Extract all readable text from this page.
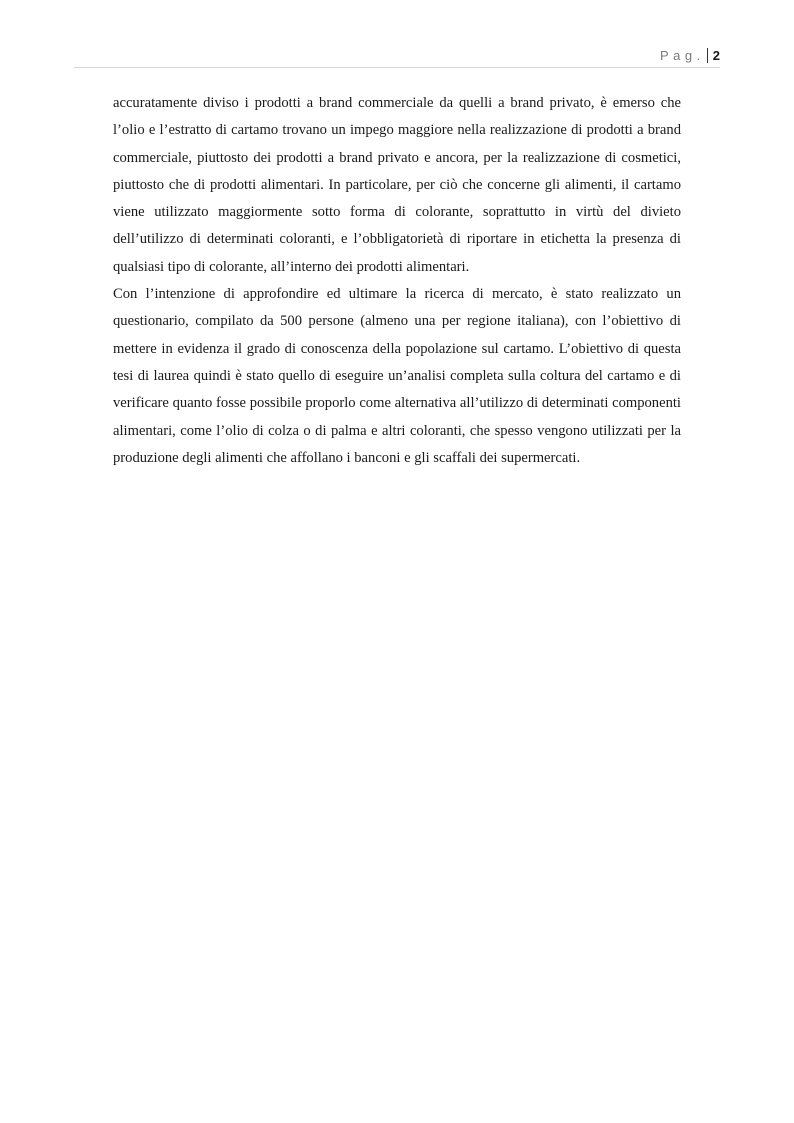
Pag. 2

accuratamente diviso i prodotti a brand commerciale da quelli a brand privato, è emerso che l’olio e l’estratto di cartamo trovano un impego maggiore nella realizzazione di prodotti a brand commerciale, piuttosto dei prodotti a brand privato e ancora, per la realizzazione di cosmetici, piuttosto che di prodotti alimentari. In particolare, per ciò che concerne gli alimenti, il cartamo viene utilizzato maggiormente sotto forma di colorante, soprattutto in virtù del divieto dell’utilizzo di determinati coloranti, e l’obbligatorietà di riportare in etichetta la presenza di qualsiasi tipo di colorante, all’interno dei prodotti alimentari.

Con l’intenzione di approfondire ed ultimare la ricerca di mercato, è stato realizzato un questionario, compilato da 500 persone (almeno una per regione italiana), con l’obiettivo di mettere in evidenza il grado di conoscenza della popolazione sul cartamo. L’obiettivo di questa tesi di laurea quindi è stato quello di eseguire un’analisi completa sulla coltura del cartamo e di verificare quanto fosse possibile proporlo come alternativa all’utilizzo di determinati componenti alimentari, come l’olio di colza o di palma e altri coloranti, che spesso vengono utilizzati per la produzione degli alimenti che affollano i banconi e gli scaffali dei supermercati.
